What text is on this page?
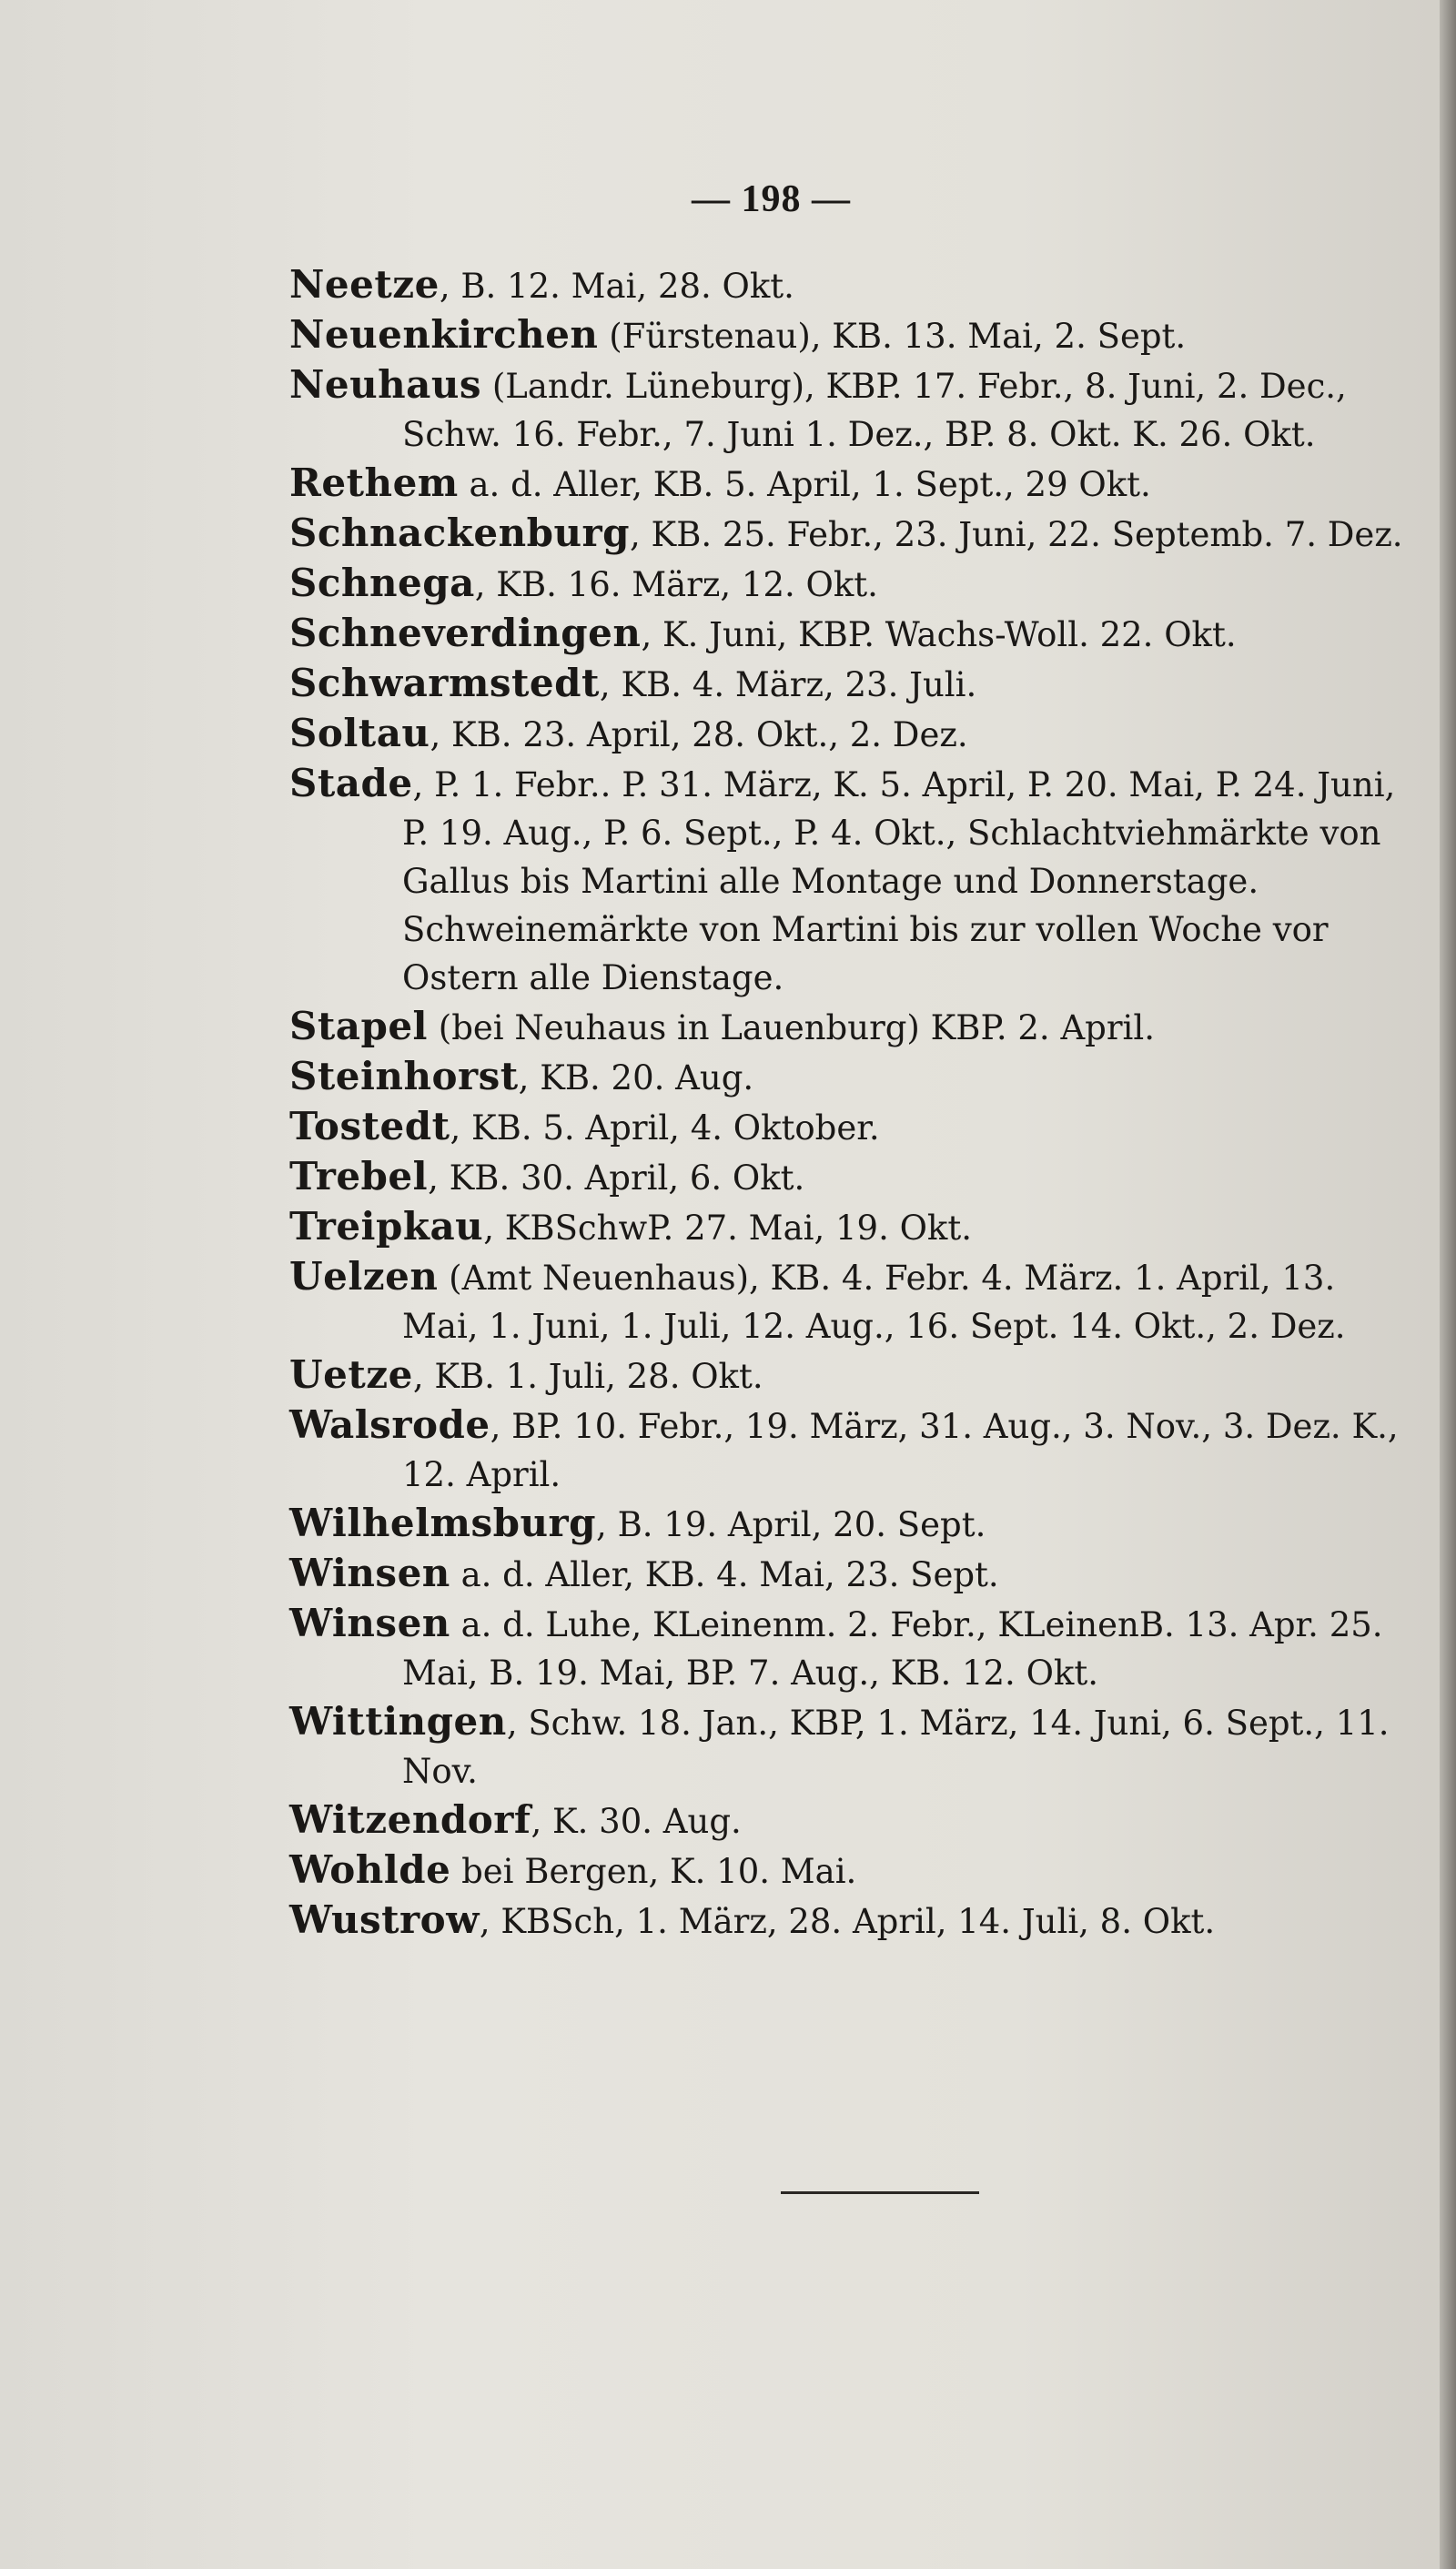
— 198 —

Neetze, B. 12. Mai, 28. Okt.

Neuenkirchen (Fürstenau), KB. 13. Mai, 2. Sept.

Neuhaus (Landr. Lüneburg), KBP. 17. Febr., 8. Juni, 2. Dec., Schw. 16. Febr., 7. Juni 1. Dez., BP. 8. Okt. K. 26. Okt.

Rethem a. d. Aller, KB. 5. April, 1. Sept., 29 Okt.

Schnackenburg, KB. 25. Febr., 23. Juni, 22. Septemb. 7. Dez.

Schnega, KB. 16. März, 12. Okt.

Schneverdingen, K. Juni, KBP. Wachs-Woll. 22. Okt.

Schwarmstedt, KB. 4. März, 23. Juli.

Soltau, KB. 23. April, 28. Okt., 2. Dez.

Stade, P. 1. Febr.. P. 31. März, K. 5. April, P. 20. Mai, P. 24. Juni, P. 19. Aug., P. 6. Sept., P. 4. Okt., Schlachtviehmärkte von Gallus bis Martini alle Montage und Donnerstage. Schweinemärkte von Martini bis zur vollen Woche vor Ostern alle Dienstage.

Stapel (bei Neuhaus in Lauenburg) KBP. 2. April.

Steinhorst, KB. 20. Aug.

Tostedt, KB. 5. April, 4. Oktober.

Trebel, KB. 30. April, 6. Okt.

Treipkau, KBSchwP. 27. Mai, 19. Okt.

Uelzen (Amt Neuenhaus), KB. 4. Febr. 4. März. 1. April, 13. Mai, 1. Juni, 1. Juli, 12. Aug., 16. Sept. 14. Okt., 2. Dez.

Uetze, KB. 1. Juli, 28. Okt.

Walsrode, BP. 10. Febr., 19. März, 31. Aug., 3. Nov., 3. Dez. K., 12. April.

Wilhelmsburg, B. 19. April, 20. Sept.

Winsen a. d. Aller, KB. 4. Mai, 23. Sept.

Winsen a. d. Luhe, KLeinenm. 2. Febr., KLeinenB. 13. Apr. 25. Mai, B. 19. Mai, BP. 7. Aug., KB. 12. Okt.

Wittingen, Schw. 18. Jan., KBP, 1. März, 14. Juni, 6. Sept., 11. Nov.

Witzendorf, K. 30. Aug.

Wohlde bei Bergen, K. 10. Mai.

Wustrow, KBSch, 1. März, 28. April, 14. Juli, 8. Okt.
